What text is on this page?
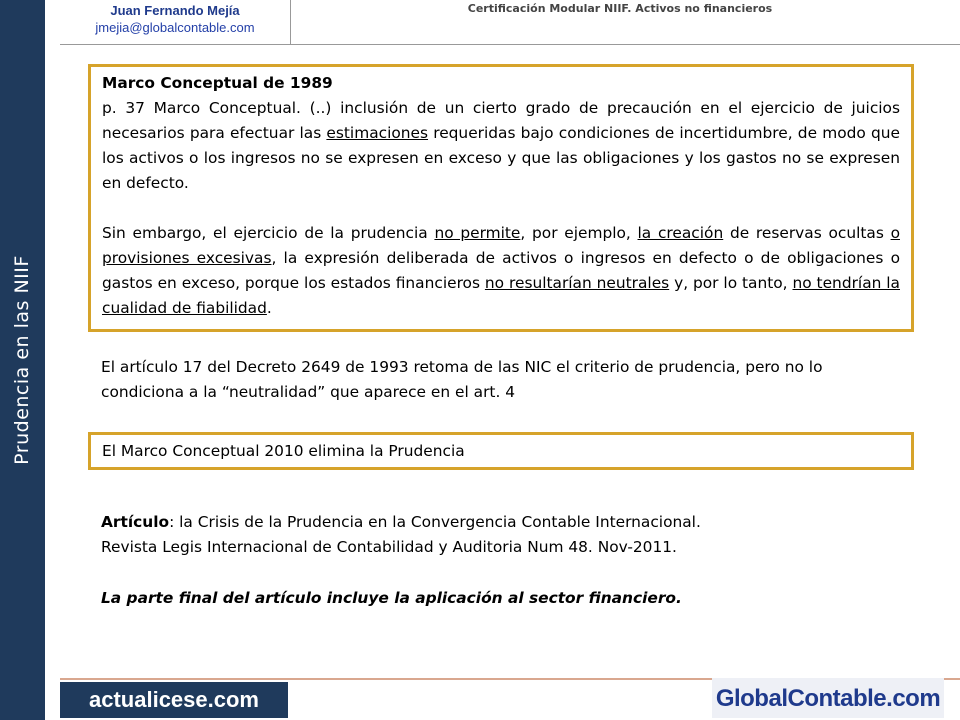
Prudencia en las NIIF
Juan Fernando Mejía
jmejia@globalcontable.com
Certificación Modular NIIF. Activos no financieros

Marco Conceptual de 1989

p. 37 Marco Conceptual. (..) inclusión de un cierto grado de precaución en el ejercicio de juicios necesarios para efectuar las estimaciones requeridas bajo condiciones de incertidumbre, de modo que los activos o los ingresos no se expresen en exceso y que las obligaciones y los gastos no se expresen en defecto.

Sin embargo, el ejercicio de la prudencia no permite, por ejemplo, la creación de reservas ocultas o provisiones excesivas, la expresión deliberada de activos o ingresos en defecto o de obligaciones o gastos en exceso, porque los estados financieros no resultarían neutrales y, por lo tanto, no tendrían la cualidad de fiabilidad.

El artículo 17 del Decreto 2649 de 1993 retoma de las NIC el criterio de prudencia, pero no lo condiciona a la “neutralidad” que aparece en el art. 4
El Marco Conceptual 2010 elimina la Prudencia
Artículo: la Crisis de la Prudencia en la Convergencia Contable Internacional.
Revista Legis Internacional de Contabilidad y Auditoria Num 48. Nov-2011.
La parte final del artículo incluye la aplicación al sector financiero.
actualicese.com	GlobalContable.com
